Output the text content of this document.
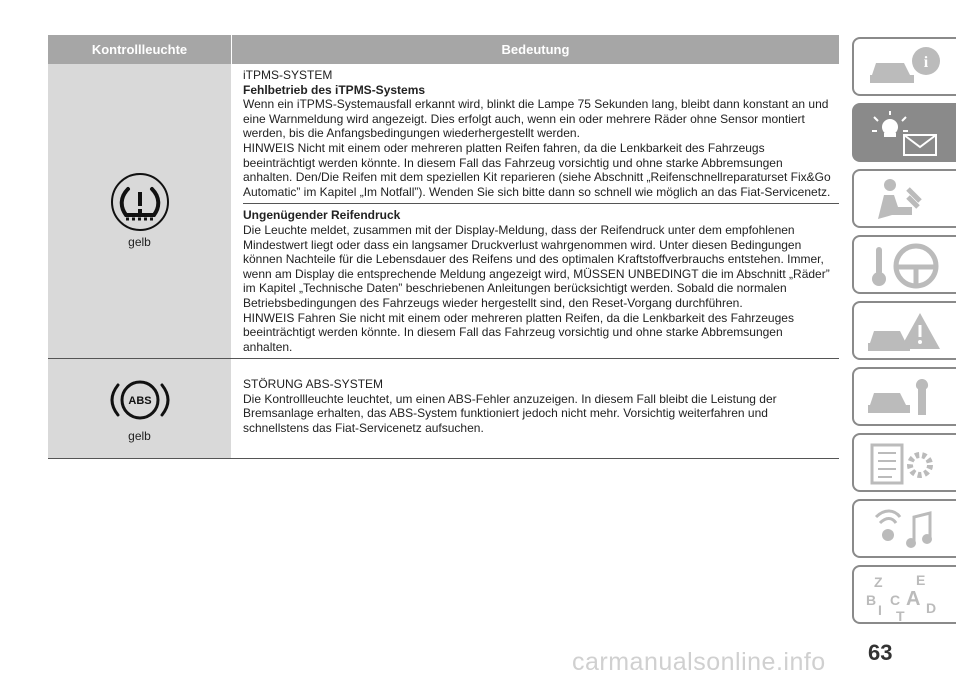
Kontrollleuchte	Bedeutung
gelb
iTPMS-SYSTEM
Fehlbetrieb des iTPMS-Systems
Wenn ein iTPMS-Systemausfall erkannt wird, blinkt die Lampe 75 Sekunden lang, bleibt dann konstant an und eine Warnmeldung wird angezeigt. Dies erfolgt auch, wenn ein oder mehrere Räder ohne Sensor montiert werden, bis die Anfangsbedingungen wiederhergestellt werden.
HINWEIS Nicht mit einem oder mehreren platten Reifen fahren, da die Lenkbarkeit des Fahrzeugs beeinträchtigt werden könnte. In diesem Fall das Fahrzeug vorsichtig und ohne starke Abbremsungen anhalten. Den/Die Reifen mit dem speziellen Kit reparieren (siehe Abschnitt „Reifenschnellreparaturset Fix&Go Automatic” im Kapitel „Im Notfall”). Wenden Sie sich bitte dann so schnell wie möglich an das Fiat-Servicenetz.
Ungenügender Reifendruck
Die Leuchte meldet, zusammen mit der Display-Meldung, dass der Reifendruck unter dem empfohlenen Mindestwert liegt oder dass ein langsamer Druckverlust wahrgenommen wird. Unter diesen Bedingungen können Nachteile für die Lebensdauer des Reifens und des optimalen Kraftstoffverbrauchs entstehen. Immer, wenn am Display die entsprechende Meldung angezeigt wird, MÜSSEN UNBEDINGT die im Abschnitt „Räder” im Kapitel „Technische Daten” beschriebenen Anleitungen berücksichtigt werden. Sobald die normalen Betriebsbedingungen des Fahrzeugs wieder hergestellt sind, den Reset-Vorgang durchführen.
HINWEIS Fahren Sie nicht mit einem oder mehreren platten Reifen, da die Lenkbarkeit des Fahrzeuges beeinträchtigt werden könnte. In diesem Fall das Fahrzeug vorsichtig und ohne starke Abbremsungen anhalten.
ABS
gelb
STÖRUNG ABS-SYSTEM
Die Kontrollleuchte leuchtet, um einen ABS-Fehler anzuzeigen. In diesem Fall bleibt die Leistung der Bremsanlage erhalten, das ABS-System funktioniert jedoch nicht mehr. Vorsichtig weiterfahren und schnellstens das Fiat-Servicenetz aufsuchen.
i
Z E
B A
C
I	D
T
63
carmanualsonline.info
